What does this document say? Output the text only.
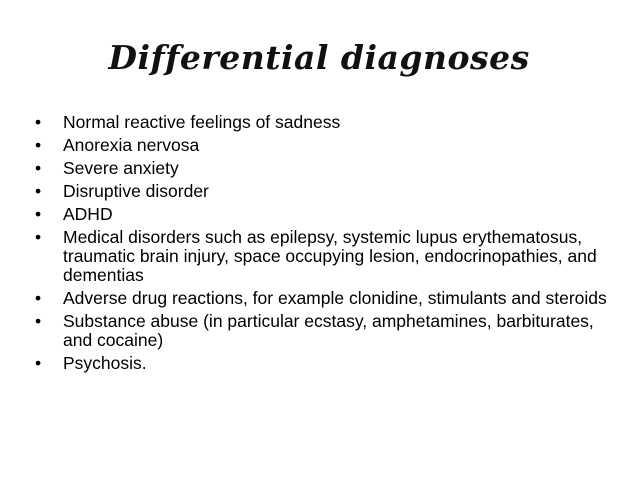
Differential diagnoses
• Normal reactive feelings of sadness
• Anorexia nervosa
• Severe anxiety
• Disruptive disorder
• ADHD
• Medical disorders such as epilepsy, systemic lupus erythematosus, traumatic brain injury, space occupying lesion, endocrinopathies, and dementias
• Adverse drug reactions, for example clonidine, stimulants and steroids
• Substance abuse (in particular ecstasy, amphetamines, barbiturates, and cocaine)
• Psychosis.
